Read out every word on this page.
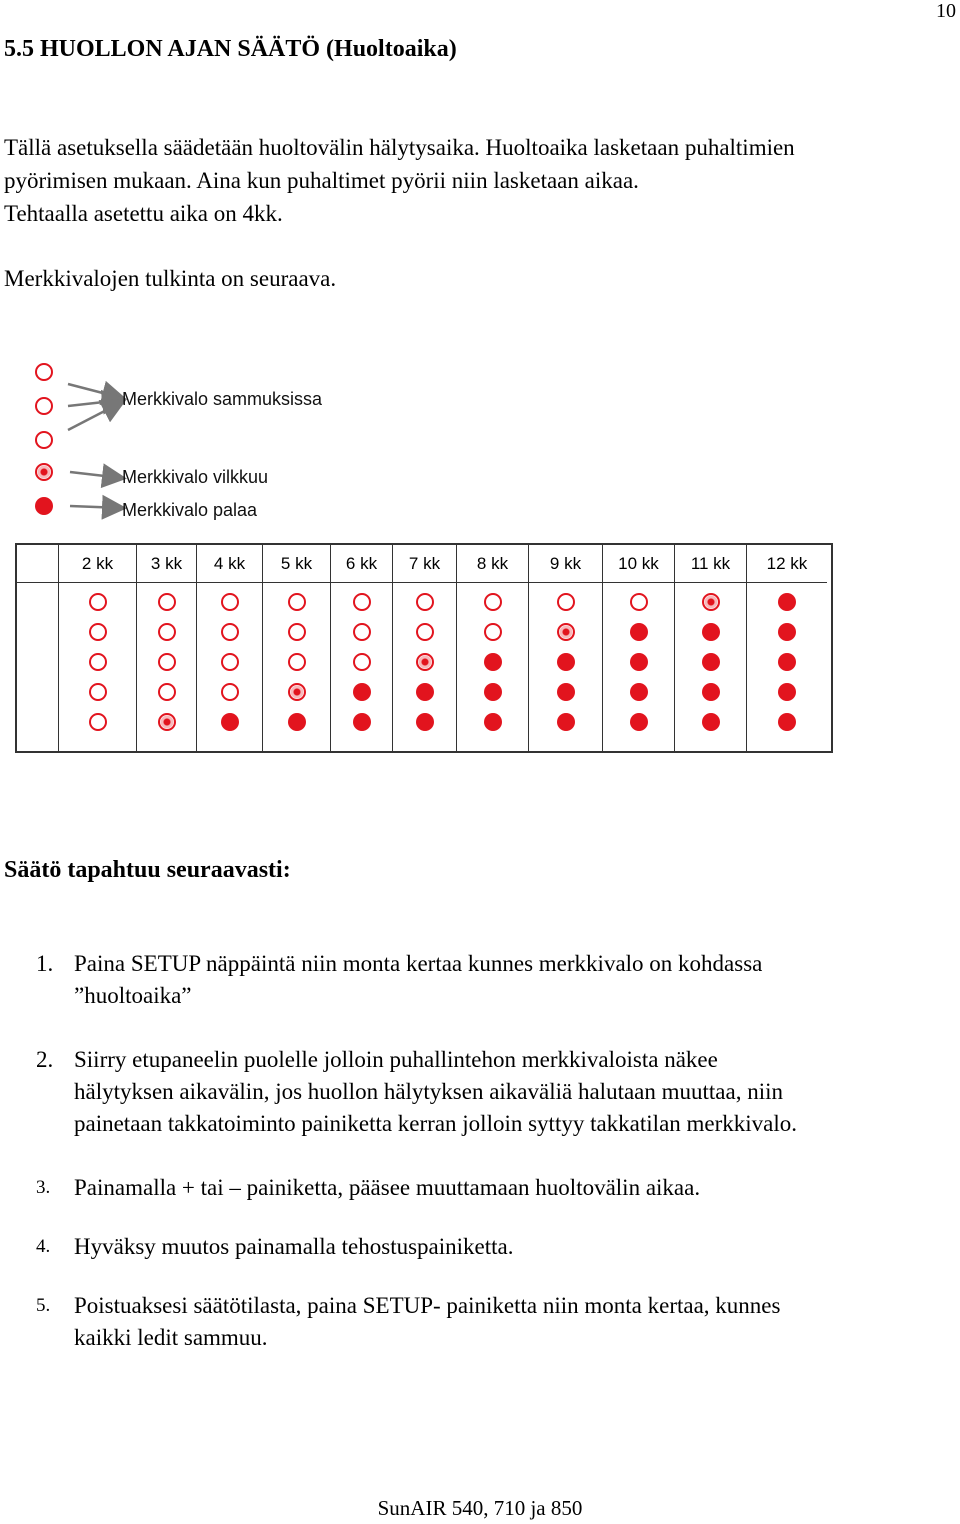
10
5.5 HUOLLON AJAN SÄÄTÖ (Huoltoaika)
Tällä asetuksella säädetään huoltovälin hälytysaika. Huoltoaika lasketaan puhaltimien
pyörimisen mukaan. Aina kun puhaltimet pyörii niin lasketaan aikaa.
Tehtaalla asetettu aika on 4kk.
Merkkivalojen tulkinta on seuraava.
Merkkivalo sammuksissa
Merkkivalo vilkkuu
Merkkivalo palaa
2 kk	3 kk	4 kk	5 kk	6 kk	7 kk	8 kk	9 kk	10 kk	11 kk	12 kk
Säätö tapahtuu seuraavasti:
1. Paina SETUP näppäintä niin monta kertaa kunnes merkkivalo on kohdassa
”huoltoaika”
2. Siirry etupaneelin puolelle jolloin puhallintehon merkkivaloista näkee
hälytyksen aikavälin, jos huollon hälytyksen aikaväliä halutaan muuttaa, niin
painetaan takkatoiminto painiketta kerran jolloin syttyy takkatilan merkkivalo.
3.	Painamalla + tai – painiketta, pääsee muuttamaan huoltovälin aikaa.
4.	Hyväksy muutos painamalla tehostuspainiketta.
5.	Poistuaksesi säätötilasta, paina SETUP- painiketta niin monta kertaa, kunnes
kaikki ledit sammuu.
SunAIR 540, 710 ja 850
